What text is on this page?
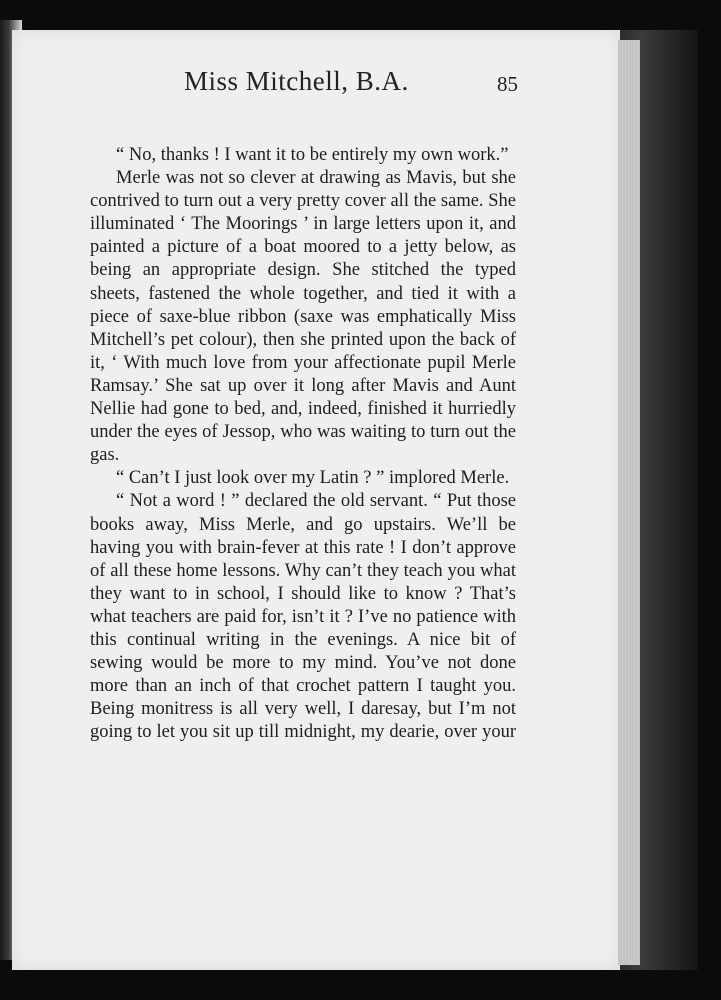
Miss Mitchell, B.A.	85

“ No, thanks ! I want it to be entirely my own work.”

Merle was not so clever at drawing as Mavis, but she contrived to turn out a very pretty cover all the same. She illuminated ‘ The Moorings ’ in large letters upon it, and painted a picture of a boat moored to a jetty below, as being an appropriate design. She stitched the typed sheets, fastened the whole together, and tied it with a piece of saxe-blue ribbon (saxe was emphatically Miss Mitchell’s pet colour), then she printed upon the back of it, ‘ With much love from your affectionate pupil Merle Ramsay.’ She sat up over it long after Mavis and Aunt Nellie had gone to bed, and, indeed, finished it hurriedly under the eyes of Jessop, who was waiting to turn out the gas.

“ Can’t I just look over my Latin ? ” implored Merle.

“ Not a word ! ” declared the old servant. “ Put those books away, Miss Merle, and go upstairs. We’ll be having you with brain-fever at this rate ! I don’t approve of all these home lessons. Why can’t they teach you what they want to in school, I should like to know ? That’s what teachers are paid for, isn’t it ? I’ve no patience with this continual writing in the evenings. A nice bit of sewing would be more to my mind. You’ve not done more than an inch of that crochet pattern I taught you. Being monitress is all very well, I daresay, but I’m not going to let you sit up till midnight, my dearie, over your
